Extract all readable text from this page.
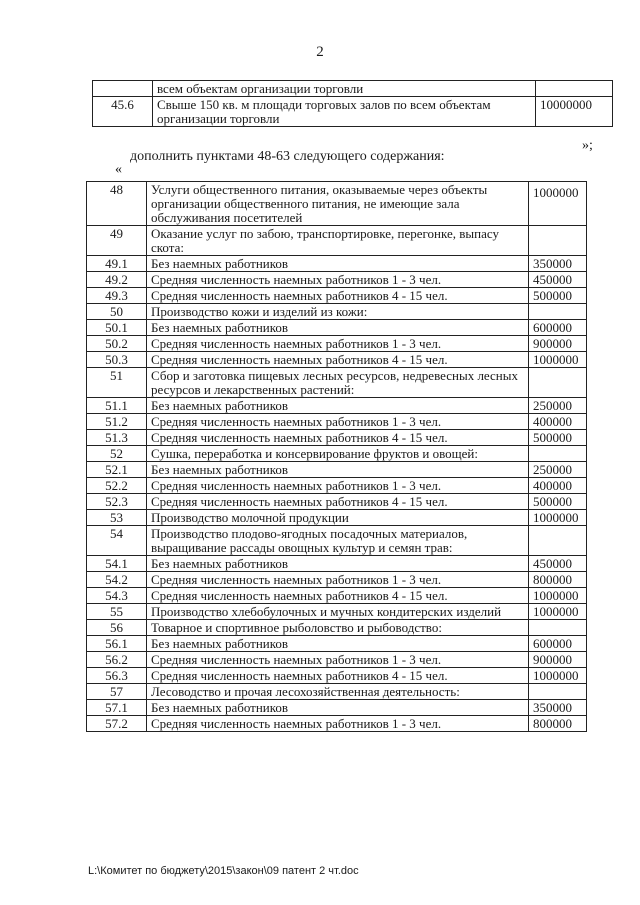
2
	всем объектам организации торговли	
45.6	Свыше 150 кв. м площади торговых залов по всем объектам организации торговли	10000000
»;
дополнить пунктами 48-63 следующего содержания:
«
48	Услуги общественного питания, оказываемые через объекты организации общественного питания, не имеющие зала обслуживания посетителей	1000000
49	Оказание услуг по забою, транспортировке, перегонке, выпасу скота:	
49.1	Без наемных работников	350000
49.2	Средняя численность наемных работников 1 - 3 чел.	450000
49.3	Средняя численность наемных работников 4 - 15 чел.	500000
50	Производство кожи и изделий из кожи:	
50.1	Без наемных работников	600000
50.2	Средняя численность наемных работников 1 - 3 чел.	900000
50.3	Средняя численность наемных работников 4 - 15 чел.	1000000
51	Сбор и заготовка пищевых лесных ресурсов, недревесных лесных ресурсов и лекарственных растений:	
51.1	Без наемных работников	250000
51.2	Средняя численность наемных работников 1 - 3 чел.	400000
51.3	Средняя численность наемных работников 4 - 15 чел.	500000
52	Сушка, переработка и консервирование фруктов и овощей:	
52.1	Без наемных работников	250000
52.2	Средняя численность наемных работников 1 - 3 чел.	400000
52.3	Средняя численность наемных работников 4 - 15 чел.	500000
53	Производство молочной продукции	1000000
54	Производство плодово-ягодных посадочных материалов, выращивание рассады овощных культур и семян трав:	
54.1	Без наемных работников	450000
54.2	Средняя численность наемных работников 1 - 3 чел.	800000
54.3	Средняя численность наемных работников 4 - 15 чел.	1000000
55	Производство хлебобулочных и мучных кондитерских изделий	1000000
56	Товарное и спортивное рыболовство и рыбоводство:	
56.1	Без наемных работников	600000
56.2	Средняя численность наемных работников 1 - 3 чел.	900000
56.3	Средняя численность наемных работников 4 - 15 чел.	1000000
57	Лесоводство и прочая лесохозяйственная деятельность:	
57.1	Без наемных работников	350000
57.2	Средняя численность наемных работников 1 - 3 чел.	800000
L:\Комитет по бюджету\2015\закон\09 патент 2 чт.doc
